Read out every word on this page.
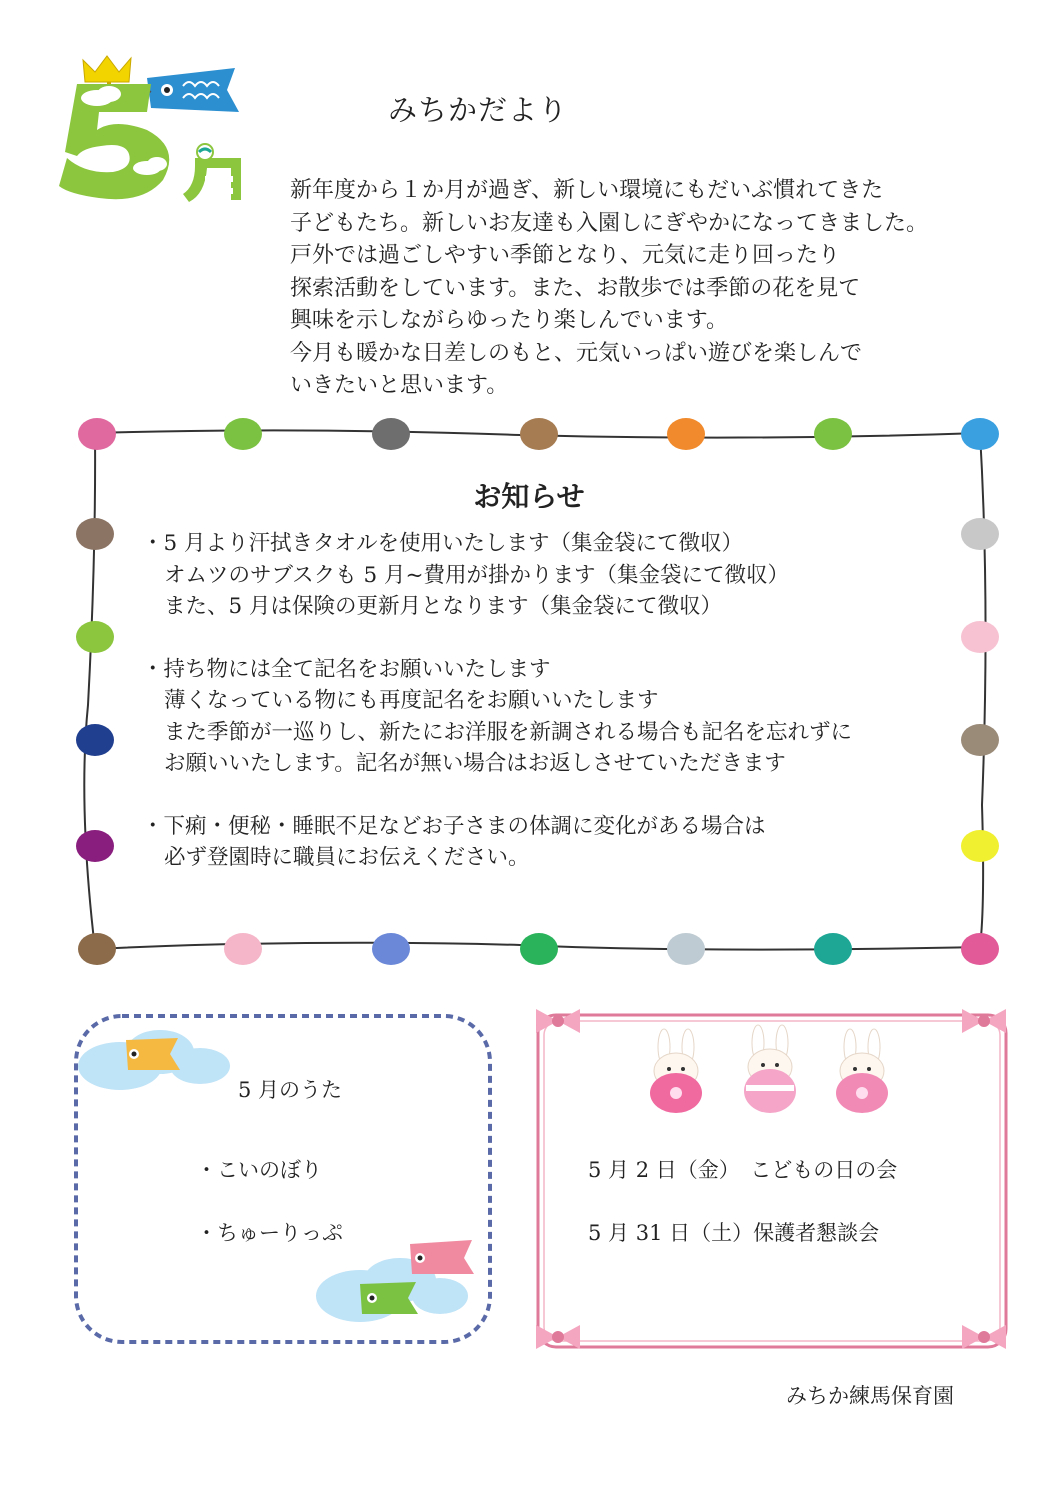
みちかだより
新年度から１か月が過ぎ、新しい環境にもだいぶ慣れてきた
子どもたち。新しいお友達も入園しにぎやかになってきました。
戸外では過ごしやすい季節となり、元気に走り回ったり
探索活動をしています。また、お散歩では季節の花を見て
興味を示しながらゆったり楽しんでいます。
今月も暖かな日差しのもと、元気いっぱい遊びを楽しんで
いきたいと思います。
お知らせ
・5 月より汗拭きタオルを使用いたします（集金袋にて徴収）
オムツのサブスクも 5 月~費用が掛かります（集金袋にて徴収）
また、5 月は保険の更新月となります（集金袋にて徴収）
・持ち物には全て記名をお願いいたします
薄くなっている物にも再度記名をお願いいたします
また季節が一巡りし、新たにお洋服を新調される場合も記名を忘れずに
お願いいたします。記名が無い場合はお返しさせていただきます
・下痢・便秘・睡眠不足などお子さまの体調に変化がある場合は
必ず登園時に職員にお伝えください。
5 月のうた
・こいのぼり
・ちゅーりっぷ
5 月 2 日（金）　こどもの日の会
5 月 31 日（土）保護者懇談会
みちか練馬保育園
